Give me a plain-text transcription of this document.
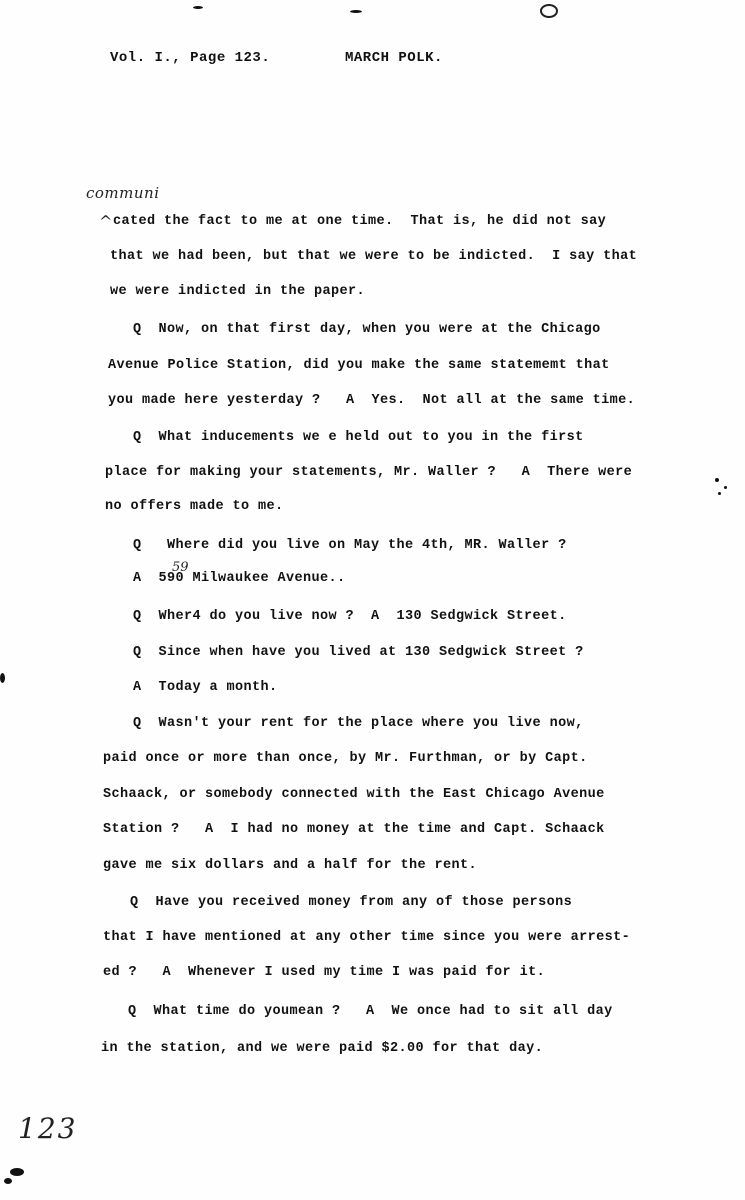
Vol. I., Page 123.	MARCH POLK.
communi
^ cated the fact to me at one time.  That is, he did not say
that we had been, but that we were to be indicted.  I say that
we were indicted in the paper.
Q  Now, on that first day, when you were at the Chicago
Avenue Police Station, did you make the same statememt that
you made here yesterday ?   A  Yes.  Not all at the same time.
Q  What inducements we e held out to you in the first
place for making your statements, Mr. Waller ?   A  There were
no offers made to me.
Q   Where did you live on May the 4th, MR. Waller ?
A  590 Milwaukee Avenue..
59
Q  Wher4 do you live now ?  A  130 Sedgwick Street.
Q  Since when have you lived at 130 Sedgwick Street ?
A  Today a month.
Q  Wasn't your rent for the place where you live now,
paid once or more than once, by Mr. Furthman, or by Capt.
Schaack, or somebody connected with the East Chicago Avenue
Station ?   A  I had no money at the time and Capt. Schaack
gave me six dollars and a half for the rent.
Q  Have you received money from any of those persons
that I have mentioned at any other time since you were arrest-
ed ?   A  Whenever I used my time I was paid for it.
Q  What time do youmean ?   A  We once had to sit all day
in the station, and we were paid $2.00 for that day.
123
